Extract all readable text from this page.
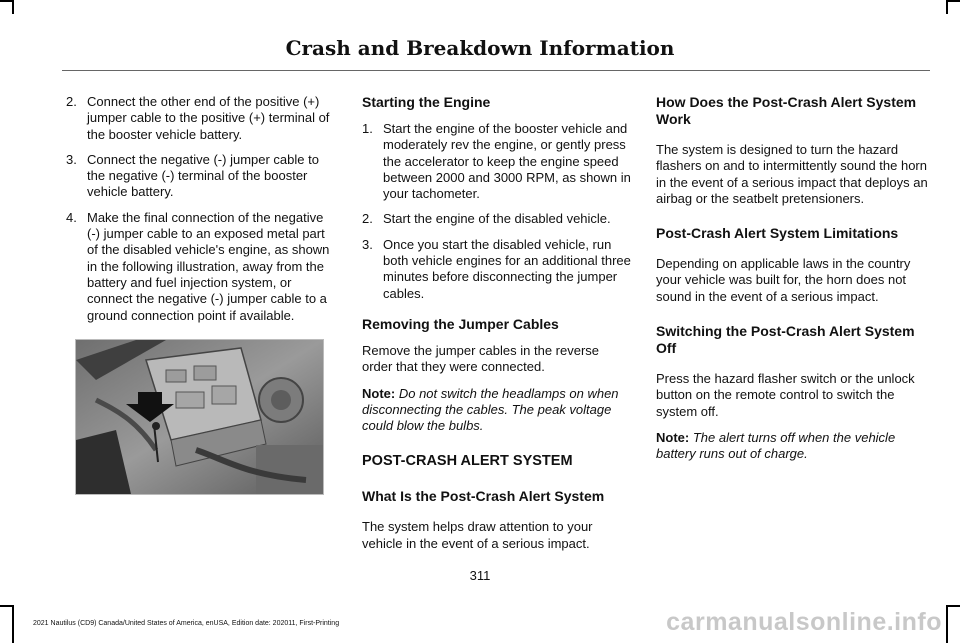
Crash and Breakdown Information
2. Connect the other end of the positive (+) jumper cable to the positive (+) terminal of the booster vehicle battery.
3. Connect the negative (-) jumper cable to the negative (-) terminal of the booster vehicle battery.
4. Make the final connection of the negative (-) jumper cable to an exposed metal part of the disabled vehicle's engine, as shown in the following illustration, away from the battery and fuel injection system, or connect the negative (-) jumper cable to a ground connection point if available.
Starting the Engine
1. Start the engine of the booster vehicle and moderately rev the engine, or gently press the accelerator to keep the engine speed between 2000 and 3000 RPM, as shown in your tachometer.
2. Start the engine of the disabled vehicle.
3. Once you start the disabled vehicle, run both vehicle engines for an additional three minutes before disconnecting the jumper cables.
Removing the Jumper Cables

Remove the jumper cables in the reverse order that they were connected.

Note: Do not switch the headlamps on when disconnecting the cables. The peak voltage could blow the bulbs.

POST-CRASH ALERT SYSTEM
What Is the Post-Crash Alert System

The system helps draw attention to your vehicle in the event of a serious impact.

How Does the Post-Crash Alert System Work

The system is designed to turn the hazard flashers on and to intermittently sound the horn in the event of a serious impact that deploys an airbag or the seatbelt pretensioners.

Post-Crash Alert System Limitations

Depending on applicable laws in the country your vehicle was built for, the horn does not sound in the event of a serious impact.

Switching the Post-Crash Alert System Off

Press the hazard flasher switch or the unlock button on the remote control to switch the system off.

Note: The alert turns off when the vehicle battery runs out of charge.

311
2021 Nautilus (CD9) Canada/United States of America, enUSA, Edition date: 202011, First-Printing	carmanualsonline.info
